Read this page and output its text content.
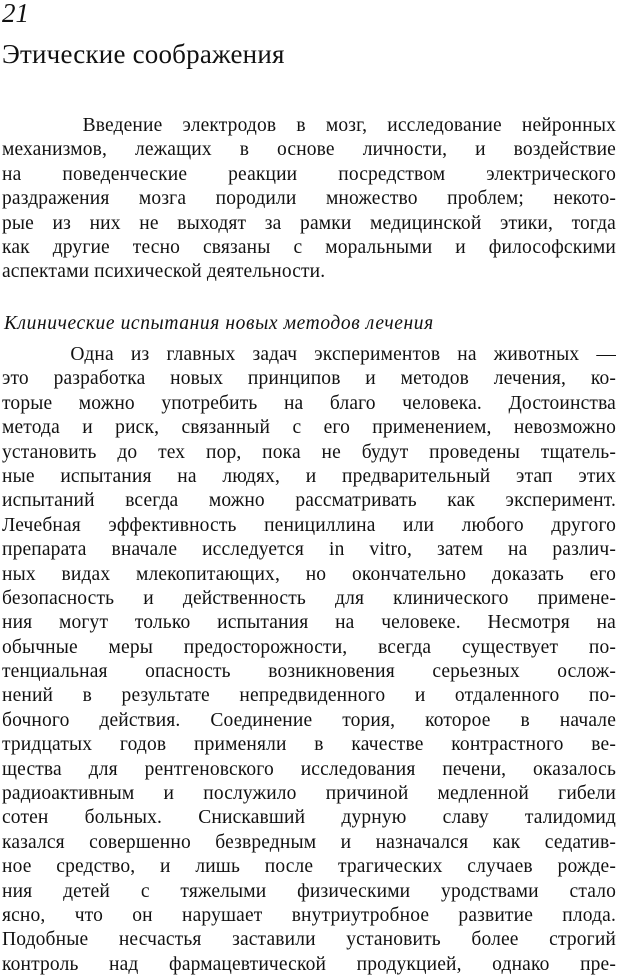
21
Этические соображения
Введение электродов в мозг, исследование нейронных
механизмов, лежащих в основе личности, и воздействие
на поведенческие реакции посредством электрического
раздражения мозга породили множество проблем; некото-
рые из них не выходят за рамки медицинской этики, тогда
как другие тесно связаны с моральными и философскими
аспектами психической деятельности.
Клинические испытания новых методов лечения
Одна из главных задач экспериментов на животных —
это разработка новых принципов и методов лечения, ко-
торые можно употребить на благо человека. Достоинства
метода и риск, связанный с его применением, невозможно
установить до тех пор, пока не будут проведены тщатель-
ные испытания на людях, и предварительный этап этих
испытаний всегда можно рассматривать как эксперимент.
Лечебная эффективность пенициллина или любого другого
препарата вначале исследуется in vitro, затем на различ-
ных видах млекопитающих, но окончательно доказать его
безопасность и действенность для клинического примене-
ния могут только испытания на человеке. Несмотря на
обычные меры предосторожности, всегда существует по-
тенциальная опасность возникновения серьезных ослож-
нений в результате непредвиденного и отдаленного по-
бочного действия. Соединение тория, которое в начале
тридцатых годов применяли в качестве контрастного ве-
щества для рентгеновского исследования печени, оказалось
радиоактивным и послужило причиной медленной гибели
сотен больных. Снискавший дурную славу талидомид
казался совершенно безвредным и назначался как седатив-
ное средство, и лишь после трагических случаев рожде-
ния детей с тяжелыми физическими уродствами стало
ясно, что он нарушает внутриутробное развитие плода.
Подобные несчастья заставили установить более строгий
контроль над фармацевтической продукцией, однако пре-
